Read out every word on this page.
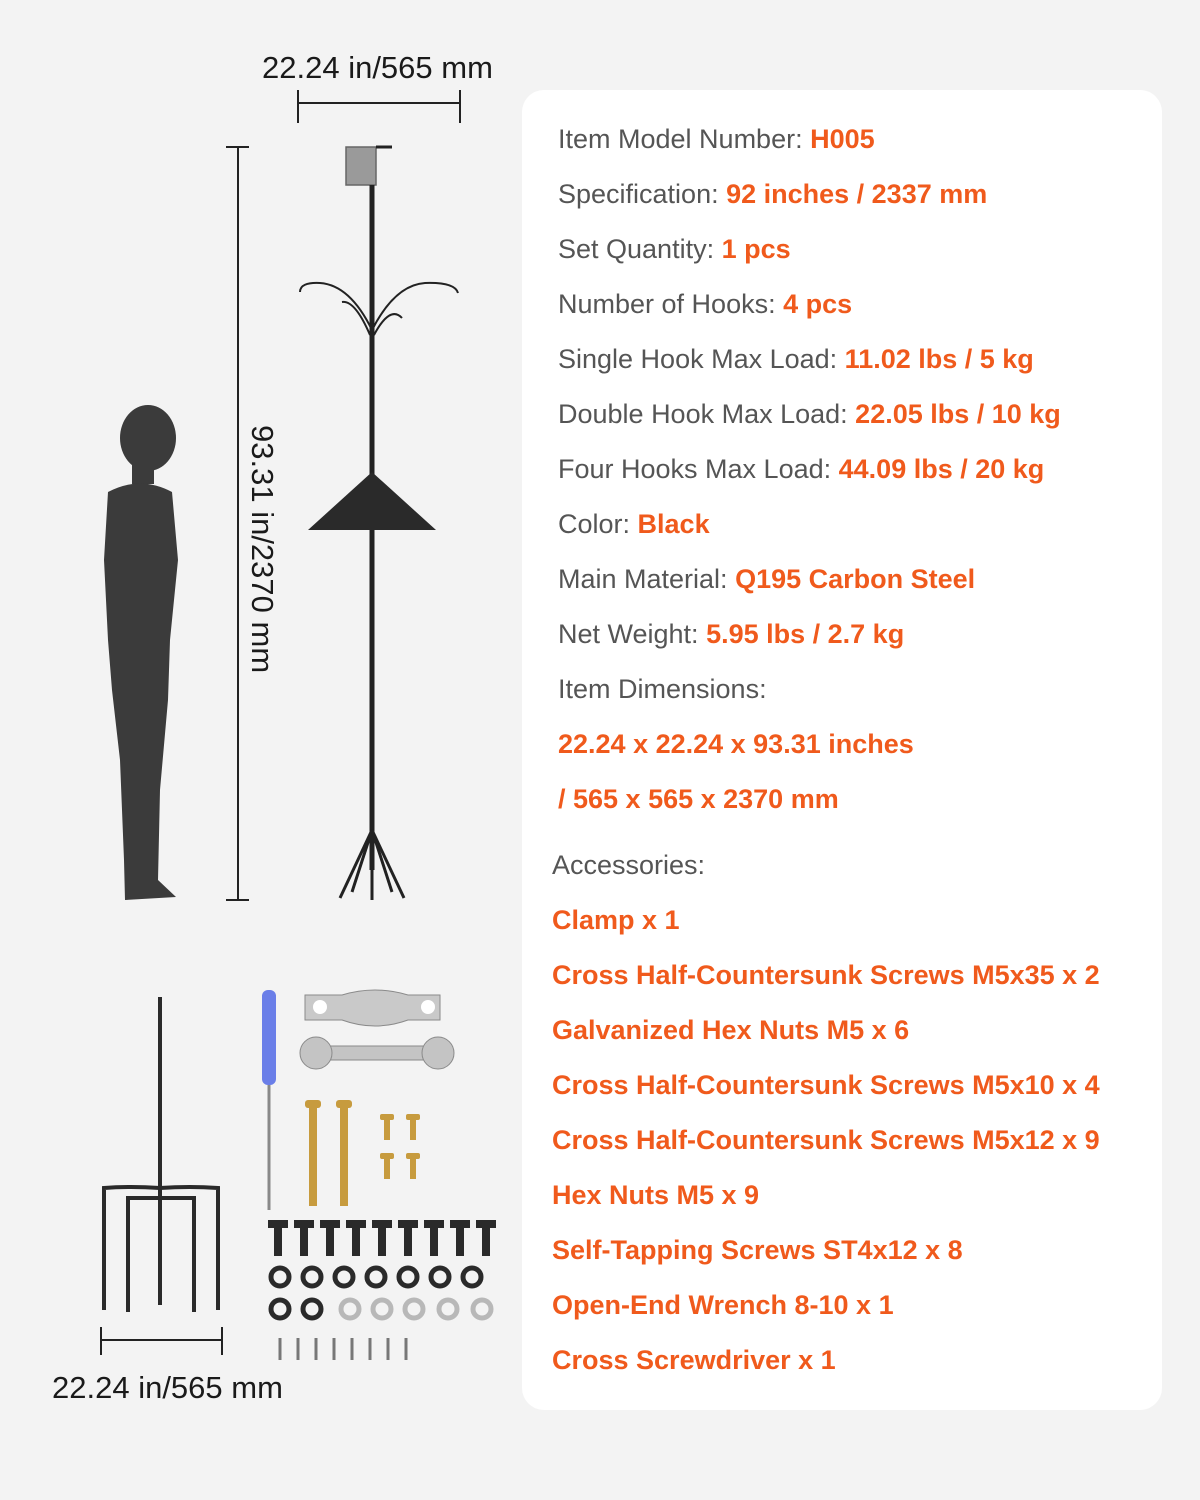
22.24 in/565 mm
93.31 in/2370 mm
22.24 in/565 mm
Item Model Number: H005
Specification: 92 inches / 2337 mm
Set Quantity: 1 pcs
Number of Hooks: 4 pcs
Single Hook Max Load: 11.02 lbs / 5 kg
Double Hook Max Load: 22.05 lbs / 10 kg
Four Hooks Max Load: 44.09 lbs / 20 kg
Color: Black
Main Material: Q195 Carbon Steel
Net Weight: 5.95 lbs / 2.7 kg
Item Dimensions:
22.24 x 22.24 x 93.31 inches
/ 565 x 565 x 2370 mm
Accessories:
Clamp x 1
Cross Half-Countersunk Screws M5x35 x 2
Galvanized Hex Nuts M5 x 6
Cross Half-Countersunk Screws M5x10 x 4
Cross Half-Countersunk Screws M5x12 x 9
Hex Nuts M5 x 9
Self-Tapping Screws ST4x12 x 8
Open-End Wrench 8-10 x 1
Cross Screwdriver x 1
